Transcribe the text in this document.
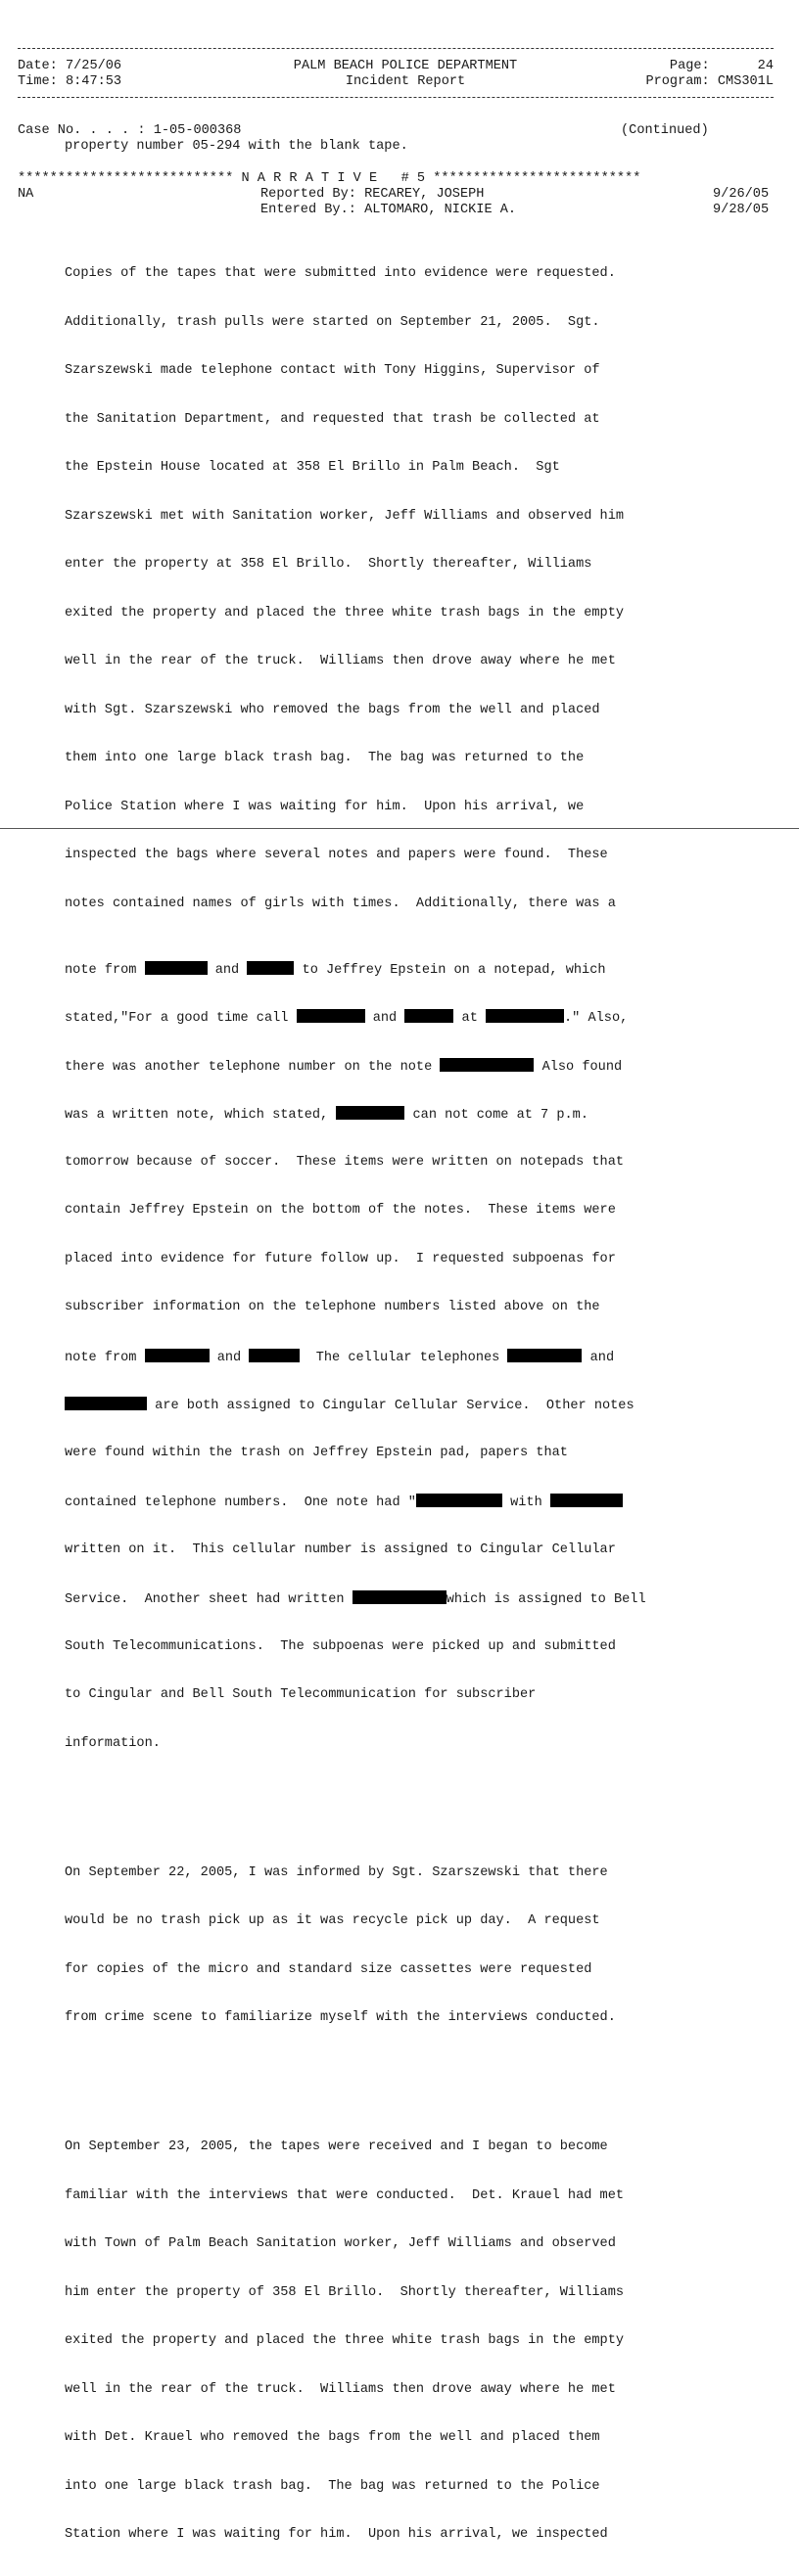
Date: 7/25/06	PALM BEACH POLICE DEPARTMENT	Page:	24
Time: 8:47:53	Incident Report	Program: CMS301L
Case No. . . . : 1-05-000368	(Continued)
property number 05-294 with the blank tape.
*************************** N A R R A T I V E # 5 **************************
NA	Reported By: RECAREY, JOSEPH	9/26/05
Entered By.: ALTOMARO, NICKIE A.	9/28/05

Copies of the tapes that were submitted into evidence were requested.

Additionally, trash pulls were started on September 21, 2005.  Sgt.

Szarszewski made telephone contact with Tony Higgins, Supervisor of

the Sanitation Department, and requested that trash be collected at

the Epstein House located at 358 El Brillo in Palm Beach.  Sgt

Szarszewski met with Sanitation worker, Jeff Williams and observed him

enter the property at 358 El Brillo.  Shortly thereafter, Williams

exited the property and placed the three white trash bags in the empty

well in the rear of the truck.  Williams then drove away where he met

with Sgt. Szarszewski who removed the bags from the well and placed

them into one large black trash bag.  The bag was returned to the

Police Station where I was waiting for him.  Upon his arrival, we

inspected the bags where several notes and papers were found.  These

notes contained names of girls with times.  Additionally, there was a

note from	and	to Jeffrey Epstein on a notepad, which

stated,"For a good time call	and	at	." Also,

there was another telephone number on the note	Also found

was a written note, which stated,	can not come at 7 p.m.

tomorrow because of soccer.  These items were written on notepads that

contain Jeffrey Epstein on the bottom of the notes.  These items were

placed into evidence for future follow up.  I requested subpoenas for

subscriber information on the telephone numbers listed above on the

note from	and	The cellular telephones	and

are both assigned to Cingular Cellular Service.  Other notes

were found within the trash on Jeffrey Epstein pad, papers that

contained telephone numbers.  One note had "	with

written on it.  This cellular number is assigned to Cingular Cellular

Service.  Another sheet had written	which is assigned to Bell

South Telecommunications.  The subpoenas were picked up and submitted

to Cingular and Bell South Telecommunication for subscriber

information.

On September 22, 2005, I was informed by Sgt. Szarszewski that there

would be no trash pick up as it was recycle pick up day.  A request

for copies of the micro and standard size cassettes were requested

from crime scene to familiarize myself with the interviews conducted.

On September 23, 2005, the tapes were received and I began to become

familiar with the interviews that were conducted.  Det. Krauel had met

with Town of Palm Beach Sanitation worker, Jeff Williams and observed

him enter the property of 358 El Brillo.  Shortly thereafter, Williams

exited the property and placed the three white trash bags in the empty

well in the rear of the truck.  Williams then drove away where he met

with Det. Krauel who removed the bags from the well and placed them

into one large black trash bag.  The bag was returned to the Police

Station where I was waiting for him.  Upon his arrival, we inspected
